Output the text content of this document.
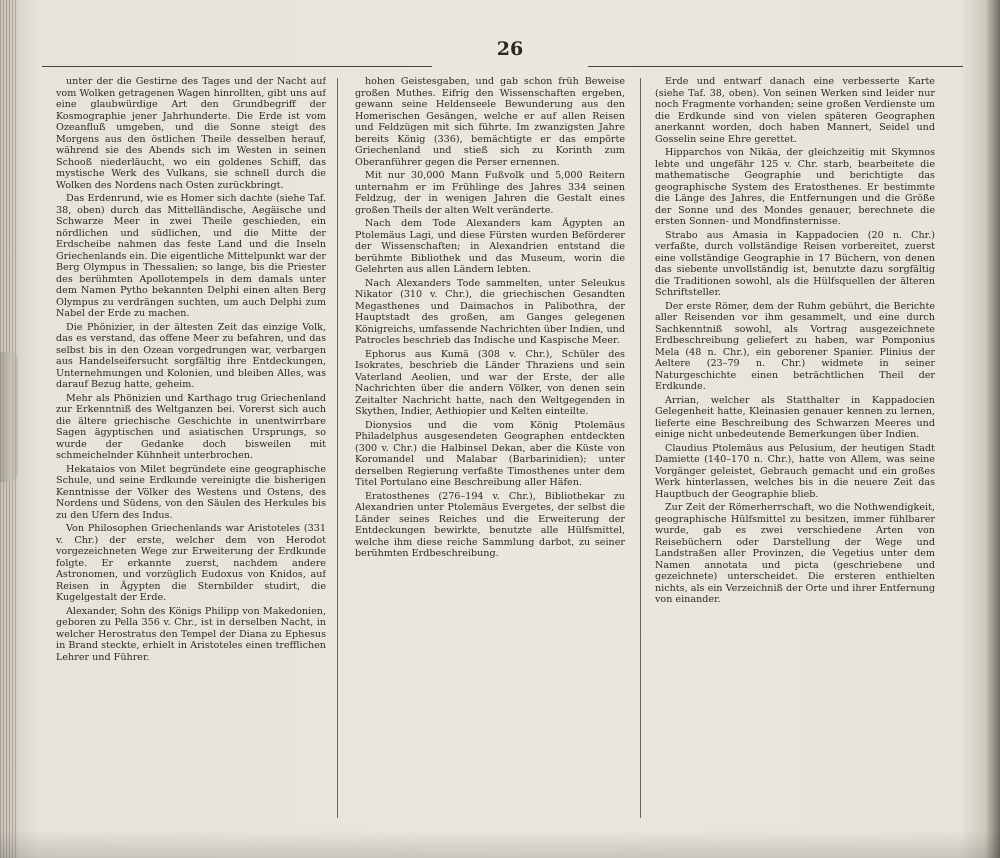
26

unter der die Gestirne des Tages und der Nacht auf vom Wolken getragenen Wagen hinrollten, gibt uns auf eine glaubwürdige Art den Grundbegriff der Kosmographie jener Jahrhunderte. Die Erde ist vom Ozeanfluß umgeben, und die Sonne steigt des Morgens aus den östlichen Theile desselben herauf, während sie des Abends sich im Westen in seinen Schooß niederläucht, wo ein goldenes Schiff, das mystische Werk des Vulkans, sie schnell durch die Wolken des Nordens nach Osten zurückbringt.

Das Erdenrund, wie es Homer sich dachte (siehe Taf. 38, oben) durch das Mittelländische, Aegäische und Schwarze Meer in zwei Theile geschieden, ein nördlichen und südlichen, und die Mitte der Erdscheibe nahmen das feste Land und die Inseln Griechenlands ein. Die eigentliche Mittelpunkt war der Berg Olympus in Thessalien; so lange, bis die Priester des berühmten Apollotempels in dem damals unter dem Namen Pytho bekannten Delphi einen alten Berg Olympus zu verdrängen suchten, um auch Delphi zum Nabel der Erde zu machen.

Die Phönizier, in der ältesten Zeit das einzige Volk, das es verstand, das offene Meer zu befahren, und das selbst bis in den Ozean vorgedrungen war, verbargen aus Handelseifersucht sorgfältig ihre Entdeckungen, Unternehmungen und Kolonien, und bleiben Alles, was darauf Bezug hatte, geheim.

Mehr als Phönizien und Karthago trug Griechenland zur Erkenntniß des Weltganzen bei. Vorerst sich auch die ältere griechische Geschichte in unentwirrbare Sagen ägyptischen und asiatischen Ursprungs, so wurde der Gedanke doch bisweilen mit schmeichelnder Kühnheit unterbrochen.

Hekataios von Milet begründete eine geographische Schule, und seine Erdkunde vereinigte die bisherigen Kenntnisse der Völker des Westens und Ostens, des Nordens und Südens, von den Säulen des Herkules bis zu den Ufern des Indus.

Von Philosophen Griechenlands war Aristoteles (331 v. Chr.) der erste, welcher dem von Herodot vorgezeichneten Wege zur Erweiterung der Erdkunde folgte. Er erkannte zuerst, nachdem andere Astronomen, und vorzüglich Eudoxus von Knidos, auf Reisen in Ägypten die Sternbilder studirt, die Kugelgestalt der Erde.

Alexander, Sohn des Königs Philipp von Makedonien, geboren zu Pella 356 v. Chr., ist in derselben Nacht, in welcher Herostratus den Tempel der Diana zu Ephesus in Brand steckte, erhielt in Aristoteles einen trefflichen Lehrer und Führer.

hohen Geistesgaben, und gab schon früh Beweise großen Muthes. Eifrig den Wissenschaften ergeben, gewann seine Heldenseele Bewunderung aus den Homerischen Gesängen, welche er auf allen Reisen und Feldzügen mit sich führte. Im zwanzigsten Jahre bereits König (336), bemächtigte er das empörte Griechenland und stieß sich zu Korinth zum Oberanführer gegen die Perser ernennen.

Mit nur 30,000 Mann Fußvolk und 5,000 Reitern unternahm er im Frühlinge des Jahres 334 seinen Feldzug, der in wenigen Jahren die Gestalt eines großen Theils der alten Welt veränderte.

Nach dem Tode Alexanders kam Ägypten an Ptolemäus Lagi, und diese Fürsten wurden Beförderer der Wissenschaften; in Alexandrien entstand die berühmte Bibliothek und das Museum, worin die Gelehrten aus allen Ländern lebten.

Nach Alexanders Tode sammelten, unter Seleukus Nikator (310 v. Chr.), die griechischen Gesandten Megasthenes und Daimachos in Palibothra, der Hauptstadt des großen, am Ganges gelegenen Königreichs, umfassende Nachrichten über Indien, und Patrocles beschrieb das Indische und Kaspische Meer.

Ephorus aus Kumä (308 v. Chr.), Schüler des Isokrates, beschrieb die Länder Thraziens und sein Vaterland Aeolien, und war der Erste, der alle Nachrichten über die andern Völker, von denen sein Zeitalter Nachricht hatte, nach den Weltgegenden in Skythen, Indier, Aethiopier und Kelten einteilte.

Dionysios und die vom König Ptolemäus Philadelphus ausgesendeten Geographen entdeckten (300 v. Chr.) die Halbinsel Dekan, aber die Küste von Koromandel und Malabar (Barbarinidien); unter derselben Regierung verfaßte Timosthenes unter dem Titel Portulano eine Beschreibung aller Häfen.

Eratosthenes (276–194 v. Chr.), Bibliothekar zu Alexandrien unter Ptolemäus Evergetes, der selbst die Länder seines Reiches und die Erweiterung der Entdeckungen bewirkte, benutzte alle Hülfsmittel, welche ihm diese reiche Sammlung darbot, zu seiner berühmten Erdbeschreibung.

Erde und entwarf danach eine verbesserte Karte (siehe Taf. 38, oben). Von seinen Werken sind leider nur noch Fragmente vorhanden; seine großen Verdienste um die Erdkunde sind von vielen späteren Geographen anerkannt worden, doch haben Mannert, Seidel und Gosselin seine Ehre gerettet.

Hipparchos von Nikäa, der gleichzeitig mit Skymnos lebte und ungefähr 125 v. Chr. starb, bearbeitete die mathematische Geographie und berichtigte das geographische System des Eratosthenes. Er bestimmte die Länge des Jahres, die Entfernungen und die Größe der Sonne und des Mondes genauer, berechnete die ersten Sonnen- und Mondfinsternisse.

Strabo aus Amasia in Kappadocien (20 n. Chr.) verfaßte, durch vollständige Reisen vorbereitet, zuerst eine vollständige Geographie in 17 Büchern, von denen das siebente unvollständig ist, benutzte dazu sorgfältig die Traditionen sowohl, als die Hülfsquellen der älteren Schriftsteller.

Der erste Römer, dem der Ruhm gebührt, die Berichte aller Reisenden vor ihm gesammelt, und eine durch Sachkenntniß sowohl, als Vortrag ausgezeichnete Erdbeschreibung geliefert zu haben, war Pomponius Mela (48 n. Chr.), ein geborener Spanier. Plinius der Aeltere (23–79 n. Chr.) widmete in seiner Naturgeschichte einen beträchtlichen Theil der Erdkunde.

Arrian, welcher als Statthalter in Kappadocien Gelegenheit hatte, Kleinasien genauer kennen zu lernen, lieferte eine Beschreibung des Schwarzen Meeres und einige nicht unbedeutende Bemerkungen über Indien.

Claudius Ptolemäus aus Pelusium, der heutigen Stadt Damiette (140–170 n. Chr.), hatte von Allem, was seine Vorgänger geleistet, Gebrauch gemacht und ein großes Werk hinterlassen, welches bis in die neuere Zeit das Hauptbuch der Geographie blieb.

Zur Zeit der Römerherrschaft, wo die Nothwendigkeit, geographische Hülfsmittel zu besitzen, immer fühlbarer wurde, gab es zwei verschiedene Arten von Reisebüchern oder Darstellung der Wege und Landstraßen aller Provinzen, die Vegetius unter dem Namen annotata und picta (geschriebene und gezeichnete) unterscheidet. Die ersteren enthielten nichts, als ein Verzeichniß der Orte und ihrer Entfernung von einander.
